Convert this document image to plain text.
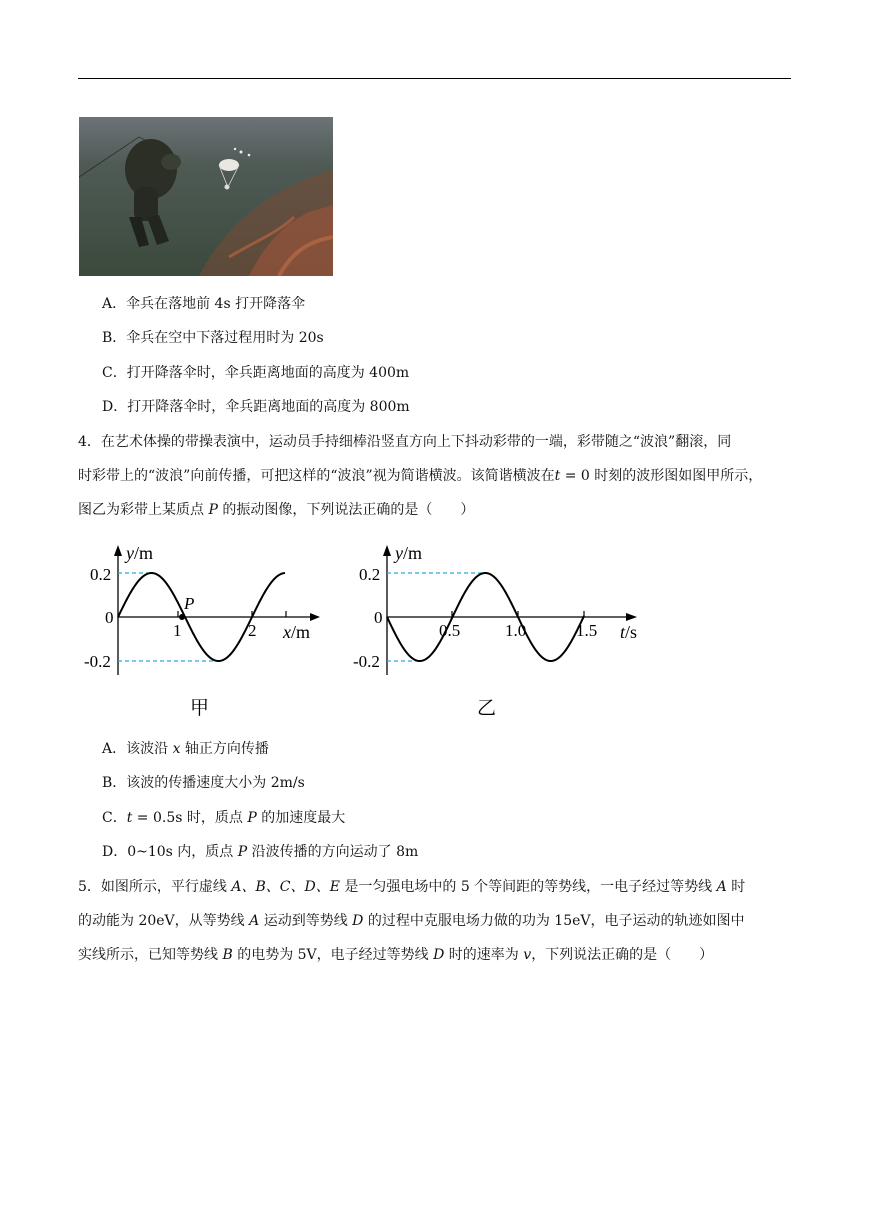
A．伞兵在落地前 4s 打开降落伞
B．伞兵在空中下落过程用时为 20s
C．打开降落伞时，伞兵距离地面的高度为 400m
D．打开降落伞时，伞兵距离地面的高度为 800m
4．在艺术体操的带操表演中，运动员手持细棒沿竖直方向上下抖动彩带的一端，彩带随之“波浪”翻滚，同
时彩带上的“波浪”向前传播，可把这样的“波浪”视为简谐横波。该简谐横波在t = 0 时刻的波形图如图甲所示，
图乙为彩带上某质点 P 的振动图像，下列说法正确的是（　　）
P
y/m
x/m
0.2
0
-0.2
1	2
甲
y/m
t/s
0.2
0
-0.2
0.5	1.0	1.5
乙
A．该波沿 x 轴正方向传播
B．该波的传播速度大小为 2m/s
C．t = 0.5s 时，质点 P 的加速度最大
D．0~10s 内，质点 P 沿波传播的方向运动了 8m
5．如图所示，平行虚线 A、B、C、D、E 是一匀强电场中的 5 个等间距的等势线，一电子经过等势线 A 时
的动能为 20eV，从等势线 A 运动到等势线 D 的过程中克服电场力做的功为 15eV，电子运动的轨迹如图中
实线所示，已知等势线 B 的电势为 5V，电子经过等势线 D 时的速率为 v，下列说法正确的是（　　）
